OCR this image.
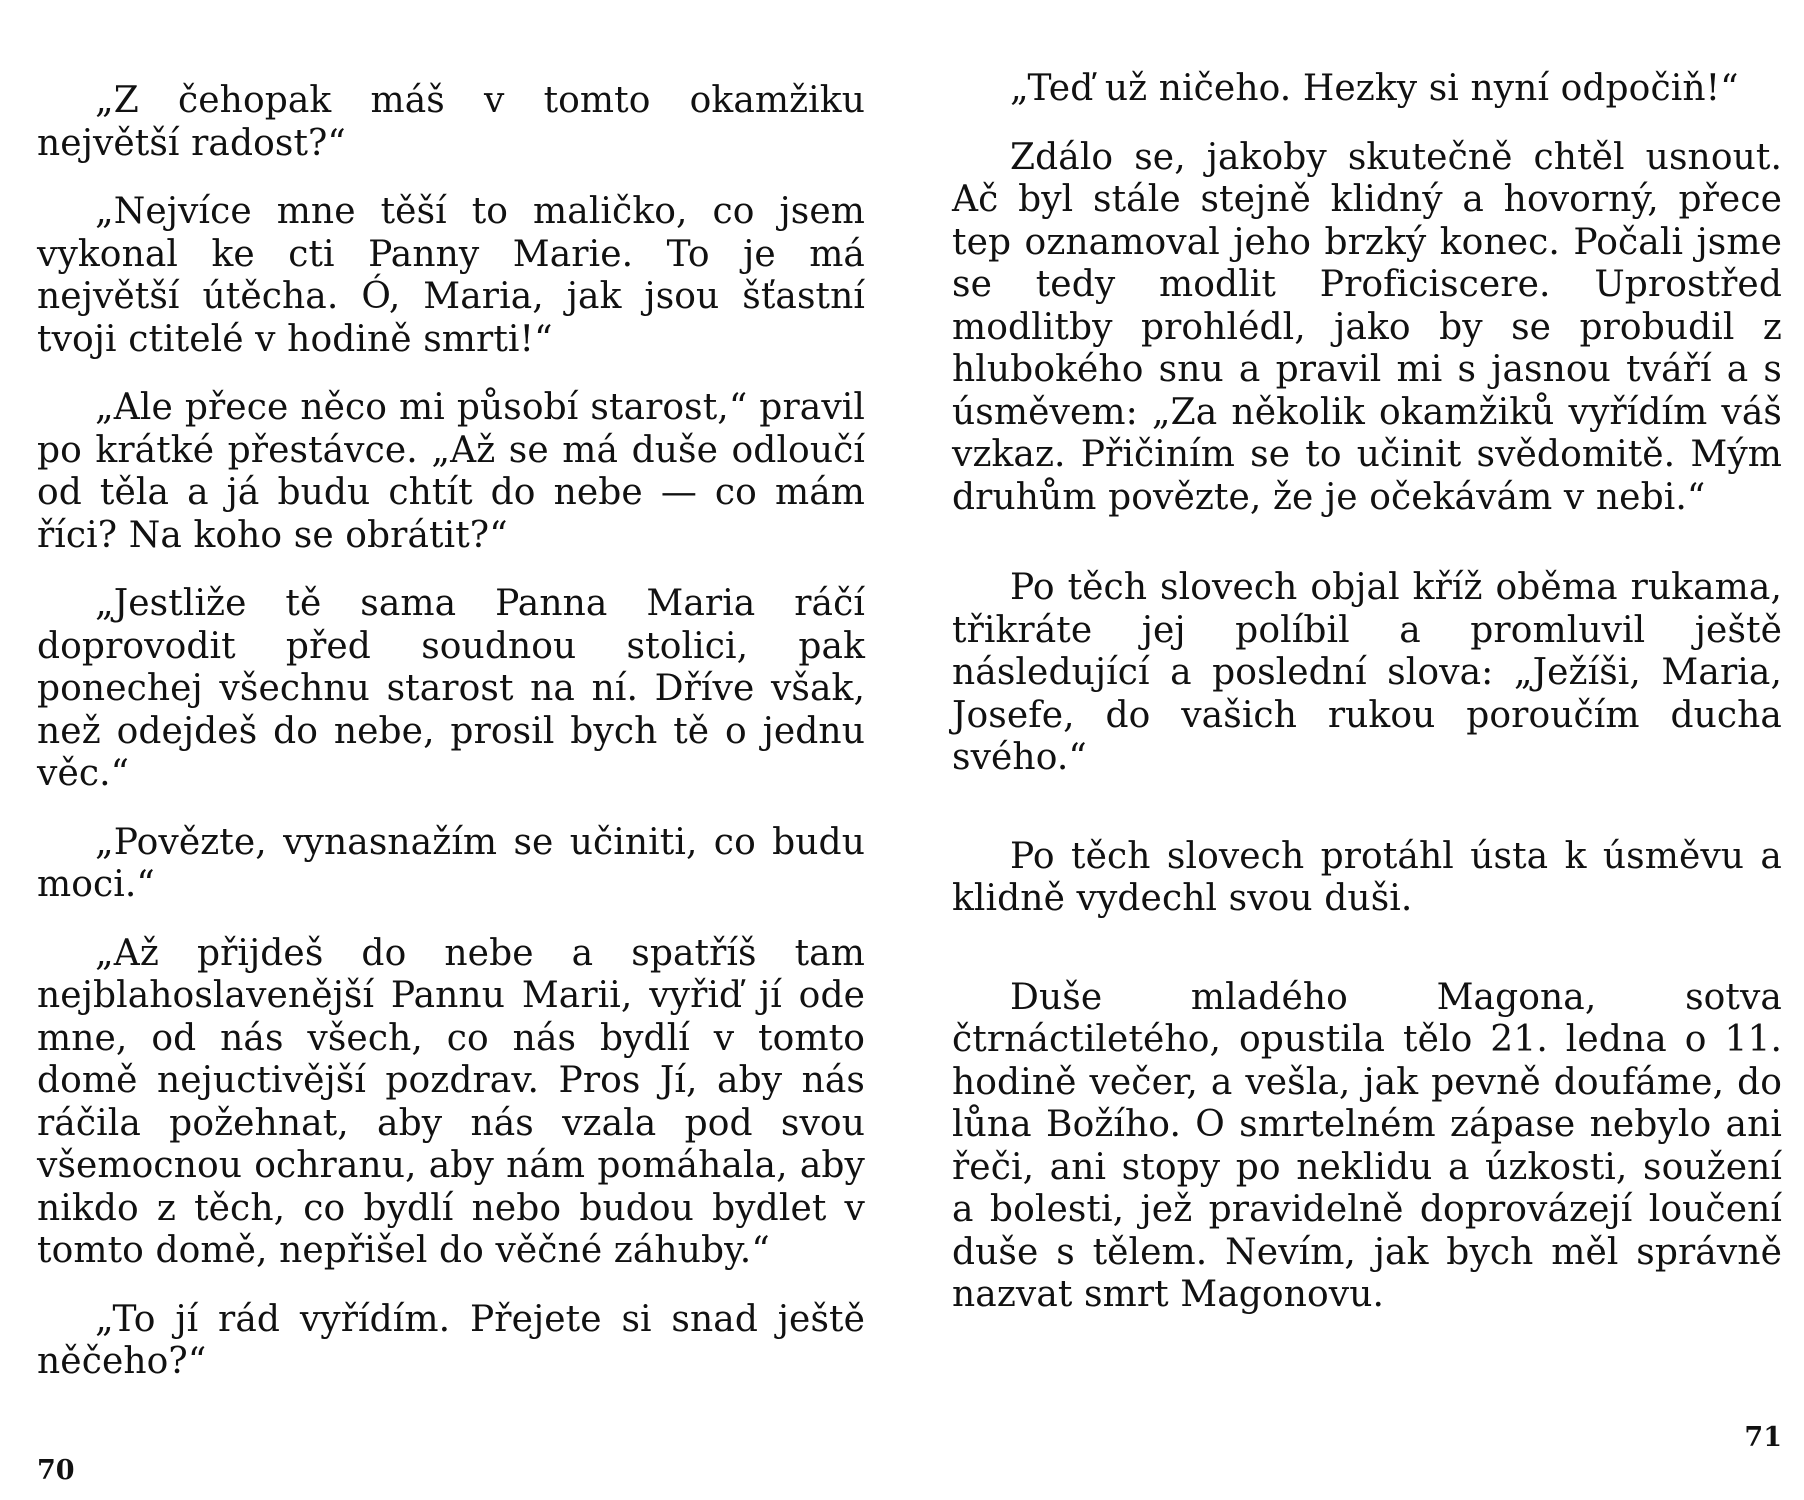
„Z čehopak máš v tomto okamžiku největší radost?“

„Nejvíce mne těší to maličko, co jsem vykonal ke cti Panny Marie. To je má největší útěcha. Ó, Maria, jak jsou šťastní tvoji ctitelé v hodině smrti!“

„Ale přece něco mi působí starost,“ pravil po krátké přestávce. „Až se má duše odloučí od těla a já budu chtít do nebe — co mám říci? Na koho se obrátit?“

„Jestliže tě sama Panna Maria ráčí doprovodit před soudnou stolici, pak ponechej všechnu starost na ní. Dříve však, než odejdeš do nebe, prosil bych tě o jednu věc.“

„Povězte, vynasnažím se učiniti, co budu moci.“

„Až přijdeš do nebe a spatříš tam nejblahoslavenější Pannu Marii, vyřiď jí ode mne, od nás všech, co nás bydlí v tomto domě nejuctivější pozdrav. Pros Jí, aby nás ráčila požehnat, aby nás vzala pod svou všemocnou ochranu, aby nám pomáhala, aby nikdo z těch, co bydlí nebo budou bydlet v tomto domě, nepřišel do věčné záhuby.“

„To jí rád vyřídím. Přejete si snad ještě něčeho?“

70

„Teď už ničeho. Hezky si nyní odpočiň!“

Zdálo se, jakoby skutečně chtěl usnout. Ač byl stále stejně klidný a hovorný, přece tep oznamoval jeho brzký konec. Počali jsme se tedy modlit Proficiscere. Uprostřed modlitby prohlédl, jako by se probudil z hlubokého snu a pravil mi s jasnou tváří a s úsměvem: „Za několik okamžiků vyřídím váš vzkaz. Přičiním se to učinit svědomitě. Mým druhům povězte, že je očekávám v nebi.“

Po těch slovech objal kříž oběma rukama, třikráte jej políbil a promluvil ještě následující a poslední slova: „Ježíši, Maria, Josefe, do vašich rukou poroučím ducha svého.“

Po těch slovech protáhl ústa k úsměvu a klidně vydechl svou duši.

Duše mladého Magona, sotva čtrnáctiletého, opustila tělo 21. ledna o 11. hodině večer, a vešla, jak pevně doufáme, do lůna Božího. O smrtelném zápase nebylo ani řeči, ani stopy po neklidu a úzkosti, soužení a bolesti, jež pravidelně doprovázejí loučení duše s tělem. Nevím, jak bych měl správně nazvat smrt Magonovu.

71
